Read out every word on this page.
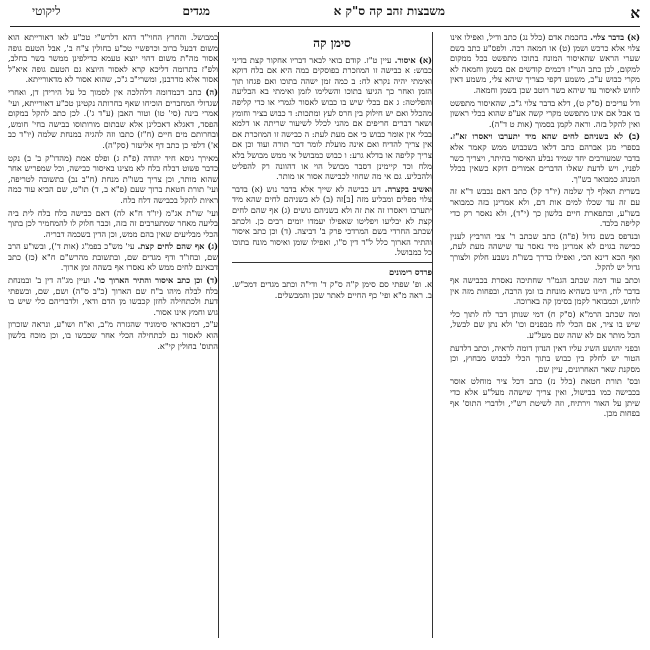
א
משבצות זהב קה ס"ק א
מגדים
ליקוטי

(א) בדבר צלוי. בחכמת אדם (כלל נג) כתב ודיל, ואפילו אינו צלוי אלא כרכש ושמן (ט) או חמאה רכה. ולפס"ע כתב בשם שערי הראש שהאיסור המונח בתוכו מתפשט בכל ממקום למקום, לכן כתב הגר"ז דכמים קודשים אם בשמן וחמאה לא מקרי כבוש ע"כ, משמע דקפי כצריך שיהא צלי, משמע דאין לחוש לאיסור עד שיהא בשר רוטב שכן בשמן וחמאה.

ודל עריכים (ס"ק ט), דלא בדבר צלוי ג"כ, שהאיסור מתפשט בו אבל אם אינו מתפשט מקרי קשה אע"פ שהוא בכלי ראשון ואין להקל בזה. וראה לקמן בסמוך (אות ט ד"ה).

(ב) לא בשניהם לחים שהא מיד יתערבו ויאסרו זא"ז. בספרי מגן אברהם כתב דלאו בשכבוש ממש קאמר אלא בדבר שמעורבים יחד שמיד נבלע האיסור בהיתר, ויצריך כשר לפניו, ויש לדעת שאלו הדברים אמורים דוקא כשאין בכלל המנהג כמבואר בש"ך.

בשרית האלף לך שלמה (יו"ד קל) כתב דאם נכבש ד"א זה עם זה עד שכלו למים אות דם, ולא אמרינן בזה כמבואר בשו"ע, ובתפארת חיים בלשון כך (י"ד), ולא נאסר רק כדי קליפה בלבד.

ובנדפס בשם גדול (פ"ה) כתב שכתב ר' צבי הורביץ לענין כבישה בגוים לא אמרינן מיד נאסר עד שישהה מעת לעת, ואף הכא דינא הכי, ואפילו בדרך בשו"ת נשבע חלוק ולצורך גדול יש להקל.

וכתב עוד דמה שכתב הגמ"ר שחתיכה נאסרת בכבישה אף בדבר לח, היינו כשהיא מונחת בו זמן הרבה, ובפחות מזה אין לחוש, וכמבואר לקמן בסימן קה בארוכה.

ומה שכתב הרמ"א (ס"ק ח) דמי שנותן דבר לח לתוך כלי שיש בו ציר, אם הכלי לח מבפנים וכו' ולא נתן שם לבשל, הכל מותר אם לא שהה שם מעל"ע.

ובפני יהושע השיג עליו דאין הנדון דומה לראיה, וכתב דלדעת הטור יש לחלק בין כבוש בתוך הכלי לכבוש מבחוץ, וכן מסקנת שאר האחרונים, עיין שם.

ובס' תורת חטאת (כלל נז) כתב דכל ציר מוחלט אוסר בכבישה כמו בבישול, ואין צריך שישהה מעל"ע אלא כדי שיתן על האור וירתיח, וזה לשיטת רש"י, ולדברי התוס' אף בפחות מכן.

סימן קה

(א) איסור. עיין ט"ז. קודם בואי לבאר דבריו אחקור קצת בדיני כבוש: א כבישה זו המוזכרת בפוסקים במה היא אם בלח דוקא ואימתי יהיה נקרא לח: ב כמה זמן ישהה בתוכו ואם פגחו תוך הזמן ואחר כך הגיעו בתוכו והשלימו לזמן ואימתי בא הבליעה והפליטה: ג אם בכלי שיש בו כבוש לאסור לגמרי או כדי קליפה מהכלל ואם יש חילוק בין חרס לעץ ומתכות: ד כבוש בציר וחומץ ושאר דברים חריפים אם מהני לכלל לשיעור שריתה או דלמא בבלי אין אומר כבוש כי אם מעת לעת: ה כבישה זו המוזכרת אם אין צריך להדיח ואם אינה מועלת לומר דבר תורה ועוד וכן אם צריך קליפה או בדלא גרע: ו כבוש כמבושל אי ממש מבושל בלא מלח וכד קיימינן דסבר מבושל הוי או דהוונה רק להפליט ולהבליע. גם אי מה שחוזי לכבישה אסור או מותר.

ואשיב בקצרה. דע כבישה לא שייך אלא בדבר נוש (א) בדבר צלוי מפלים ומבליע מזה [ב]זה (ב) לא בשניהם לחים שהא מיד יתערבו ויאסרו זה את זה ולא בשניהם גושים (ג) אף שהם לחים קצת לא יבליעו ויפליטו שאפילו יעמדו יומים רבים כן. ולכתב שכתב החרדי בשם המרדכי פרק ב' דביצה. (ד) וכן כתב איסור והתיר הארוך כלל ל"ד דין ס"ו, ואפילו שומן ואיסור מונח בתוכו כל כמבושל.

פרדס רימונים

א. ופ' שפתי סם סימן ק"ה ס"ק ד' ודי"ה וכתב מגדים דמכ"ש. ב. ראה מ"א ופי' כף החיים לאתר שכן והמבשלים.

כמבושל. והחרץ החוי"ד דהא דלרש"י טכ"ע לאו דאורייתא הוא משום דבעל ברוב וכרפשיי טכ"ע בחולין צ"ח ב', אבל הטעם גופה אסור מה"ת משום דהוי יוצא טעמא כדילפינן ממשר בשר בחלב, ולפ"ז בתרומה דליכא קרא לאסור היוצא גם הטעם גופה איא"ל אסור אלא מדרבנן, ומשרי"ב ג"כ, שהוא אסור לא מדאורייתא.

(ה) כתב דכמדומה דלהלכה אין לסמוך כל על הירידן דן, ואחרי שגדולי המחברים הוכיחו שאף בחרותה נקטינן טכ"ע דאורייתא, ועי' אמרי בינה (סי' טו) וטור האבן (ע"ד ג'). לכן כתב להקל במקום הפסד, דאגלא דאכלינן אלא שבתום מורותוסו בבישה בחי' חומש, ובחרותם מים חיים (ח"ז) כתבו וזה להגיה במנחת שלמה (יו"ד כב א') דלפי כן כתב דף אליעזר (סק"ה).

מאירך גיסא חיד יהודה (פ"ת ג) ופלס אמת (מהדו"ק ב' ב) נקט כדבר פשוט דבלח בלח לא מצינו באיסור כבישה, וכל שמפריש אחר שהוא מותר, וכן צריך בשו"ת מנחת (ח"ב נב) בתשובה לטריפה, ועי' תורת חטאת ברוך שעם (פ"א ב, ד) תו"ט, שם הביא עוד כמה ראיות להקל בכבישה דלח בלח.

ועי' שו"ת אג"מ (יו"ד ח"א לה) דאם כבישה בלח בלח לית ביה בליעה מאחר שמתערבים זה בזה, וכבר חלוק לו להמחמיר לכן בתוך הכלי מבליעים שאין בהם ממש, וכן הדין בשכמה דבריה.

(ג) אף שהם לחים קצת. עי' מש"כ בפמ"ג (אות ד'), ובשו"ע הרב שם, ובחו"ד ודף מגדים שם, ובתשובת מהרש"ם ח"א (כז) כתב דבאינם לחים ממש לא נאסרו אף בשהה זמן ארוך.

(ד) וכן כתב איסור והתיר הארוך כו'. ועיין מג"ה דין ב' ובמנחת בלח לבלח מיהו ב"ח שם הארוך (כ"ב ס"ה) ושם, שם, ובשפתי דעת ולכתחילה לחזן קכבשו מן הדם ודאי, ולדבריהם כלי שיש בו גוש וחמץ אינו אסור.

ע"כ, דמכאראי סימוניד שהגזרה מ"ב, וא"ח ושו"ע, ונראה שזכרון הוא לאסור גם לכתחילה הכלי אחר שכבשו בו, וכן מוכח בלשון התוס' בחולין קי"א.
